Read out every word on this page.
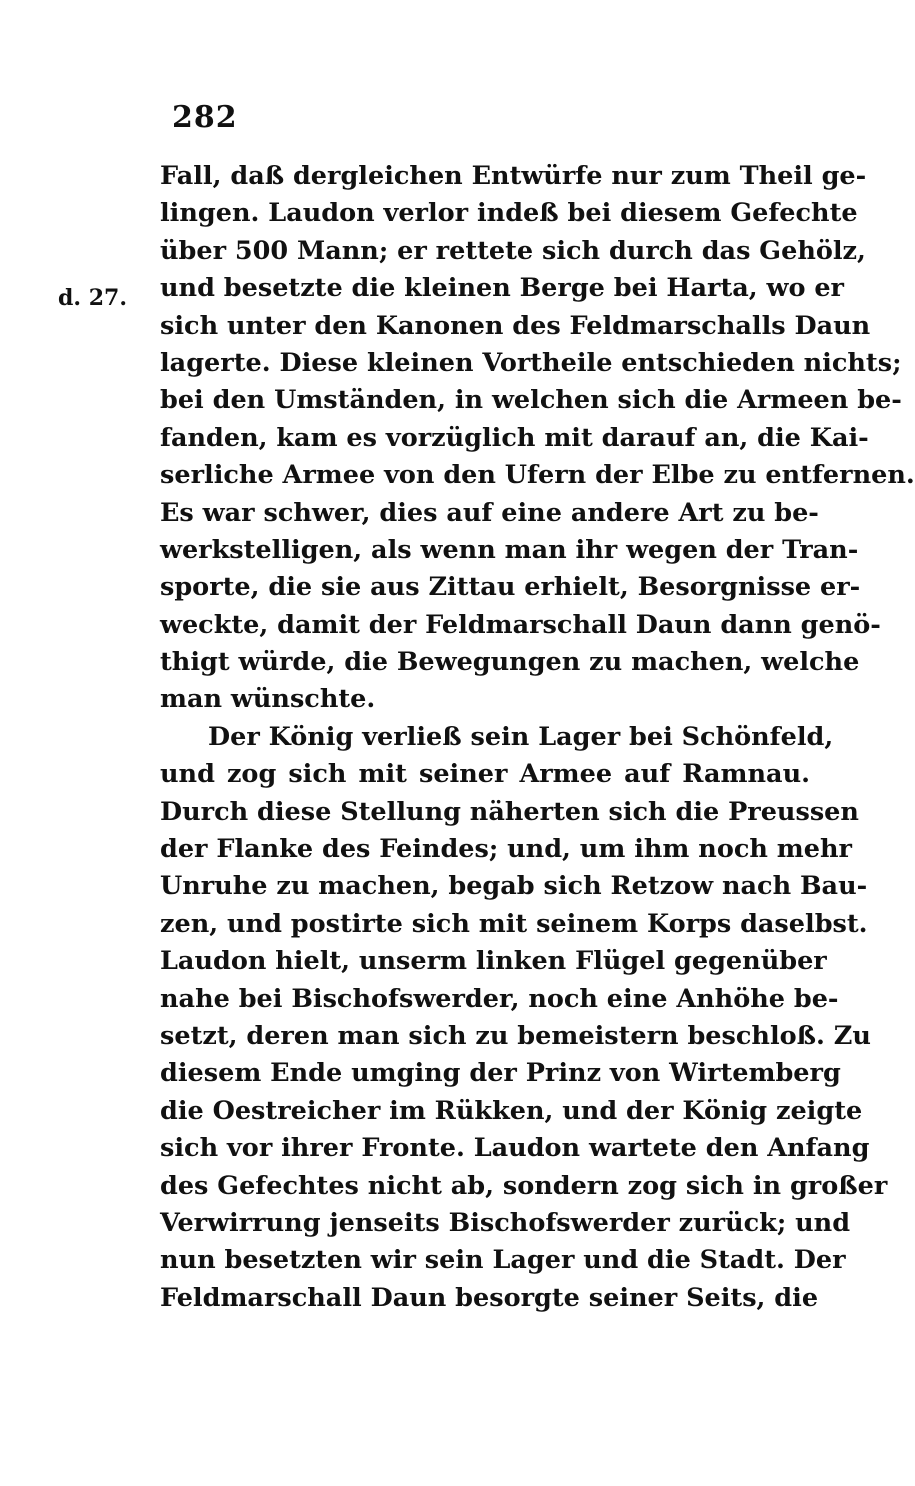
282
d. 27.
Fall, daß dergleichen Entwürfe nur zum Theil ge-
lingen. Laudon verlor indeß bei diesem Gefechte
über 500 Mann; er rettete sich durch das Gehölz,
und besetzte die kleinen Berge bei Harta, wo er
sich unter den Kanonen des Feldmarschalls Daun
lagerte. Diese kleinen Vortheile entschieden nichts;
bei den Umständen, in welchen sich die Armeen be-
fanden, kam es vorzüglich mit darauf an, die Kai-
serliche Armee von den Ufern der Elbe zu entfernen.
Es war schwer, dies auf eine andere Art zu be-
werkstelligen, als wenn man ihr wegen der Tran-
sporte, die sie aus Zittau erhielt, Besorgnisse er-
weckte, damit der Feldmarschall Daun dann genö-
thigt würde, die Bewegungen zu machen, welche
man wünschte.
Der König verließ sein Lager bei Schönfeld,
und zog sich mit seiner Armee auf Ramnau.
Durch diese Stellung näherten sich die Preussen
der Flanke des Feindes; und, um ihm noch mehr
Unruhe zu machen, begab sich Retzow nach Bau-
zen, und postirte sich mit seinem Korps daselbst.
Laudon hielt, unserm linken Flügel gegenüber
nahe bei Bischofswerder, noch eine Anhöhe be-
setzt, deren man sich zu bemeistern beschloß. Zu
diesem Ende umging der Prinz von Wirtemberg
die Oestreicher im Rükken, und der König zeigte
sich vor ihrer Fronte. Laudon wartete den Anfang
des Gefechtes nicht ab, sondern zog sich in großer
Verwirrung jenseits Bischofswerder zurück; und
nun besetzten wir sein Lager und die Stadt. Der
Feldmarschall Daun besorgte seiner Seits, die
